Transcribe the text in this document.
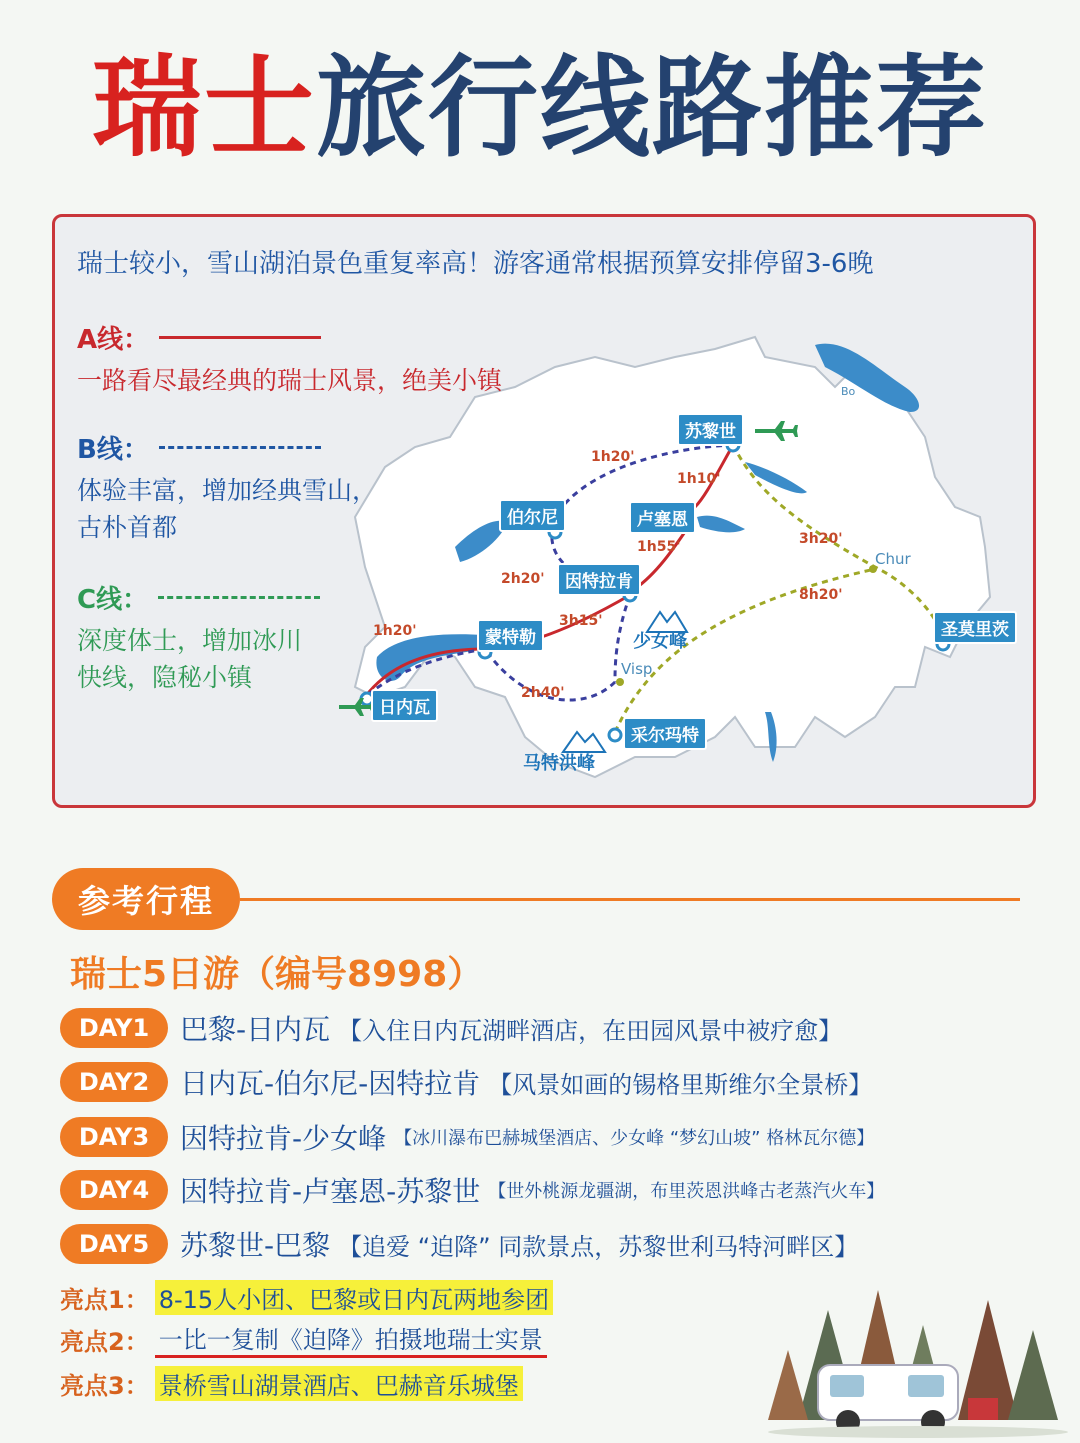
瑞士旅行线路推荐
瑞士较小，雪山湖泊景色重复率高！游客通常根据预算安排停留3-6晚
A线：
一路看尽最经典的瑞士风景，绝美小镇
B线：
体验丰富，增加经典雪山，
古朴首都
C线：
深度体士，增加冰川
快线，隐秘小镇
苏黎世
伯尔尼	卢塞恩
因特拉肯
蒙特勒
日内瓦
采尔玛特
圣莫里茨
少女峰
马特洪峰
Chur
Visp
Bo
1h20'
1h10'
1h55'
2h20'
3h15'
1h20'
2h40'
3h20'
8h20'
参考行程
瑞士5日游（编号8998）
DAY1	巴黎-日内瓦 【入住日内瓦湖畔酒店，在田园风景中被疗愈】
DAY2	日内瓦-伯尔尼-因特拉肯 【风景如画的锡格里斯维尔全景桥】
DAY3	因特拉肯-少女峰 【冰川瀑布巴赫城堡酒店、少女峰 “梦幻山坡” 格林瓦尔德】
DAY4	因特拉肯-卢塞恩-苏黎世 【世外桃源龙疆湖，布里茨恩洪峰古老蒸汽火车】
DAY5	苏黎世-巴黎 【追爱 “迫降” 同款景点，苏黎世利马特河畔区】
亮点1： 8-15人小团、巴黎或日内瓦两地参团
亮点2： 一比一复制《迫降》拍摄地瑞士实景
亮点3： 景桥雪山湖景酒店、巴赫音乐城堡
